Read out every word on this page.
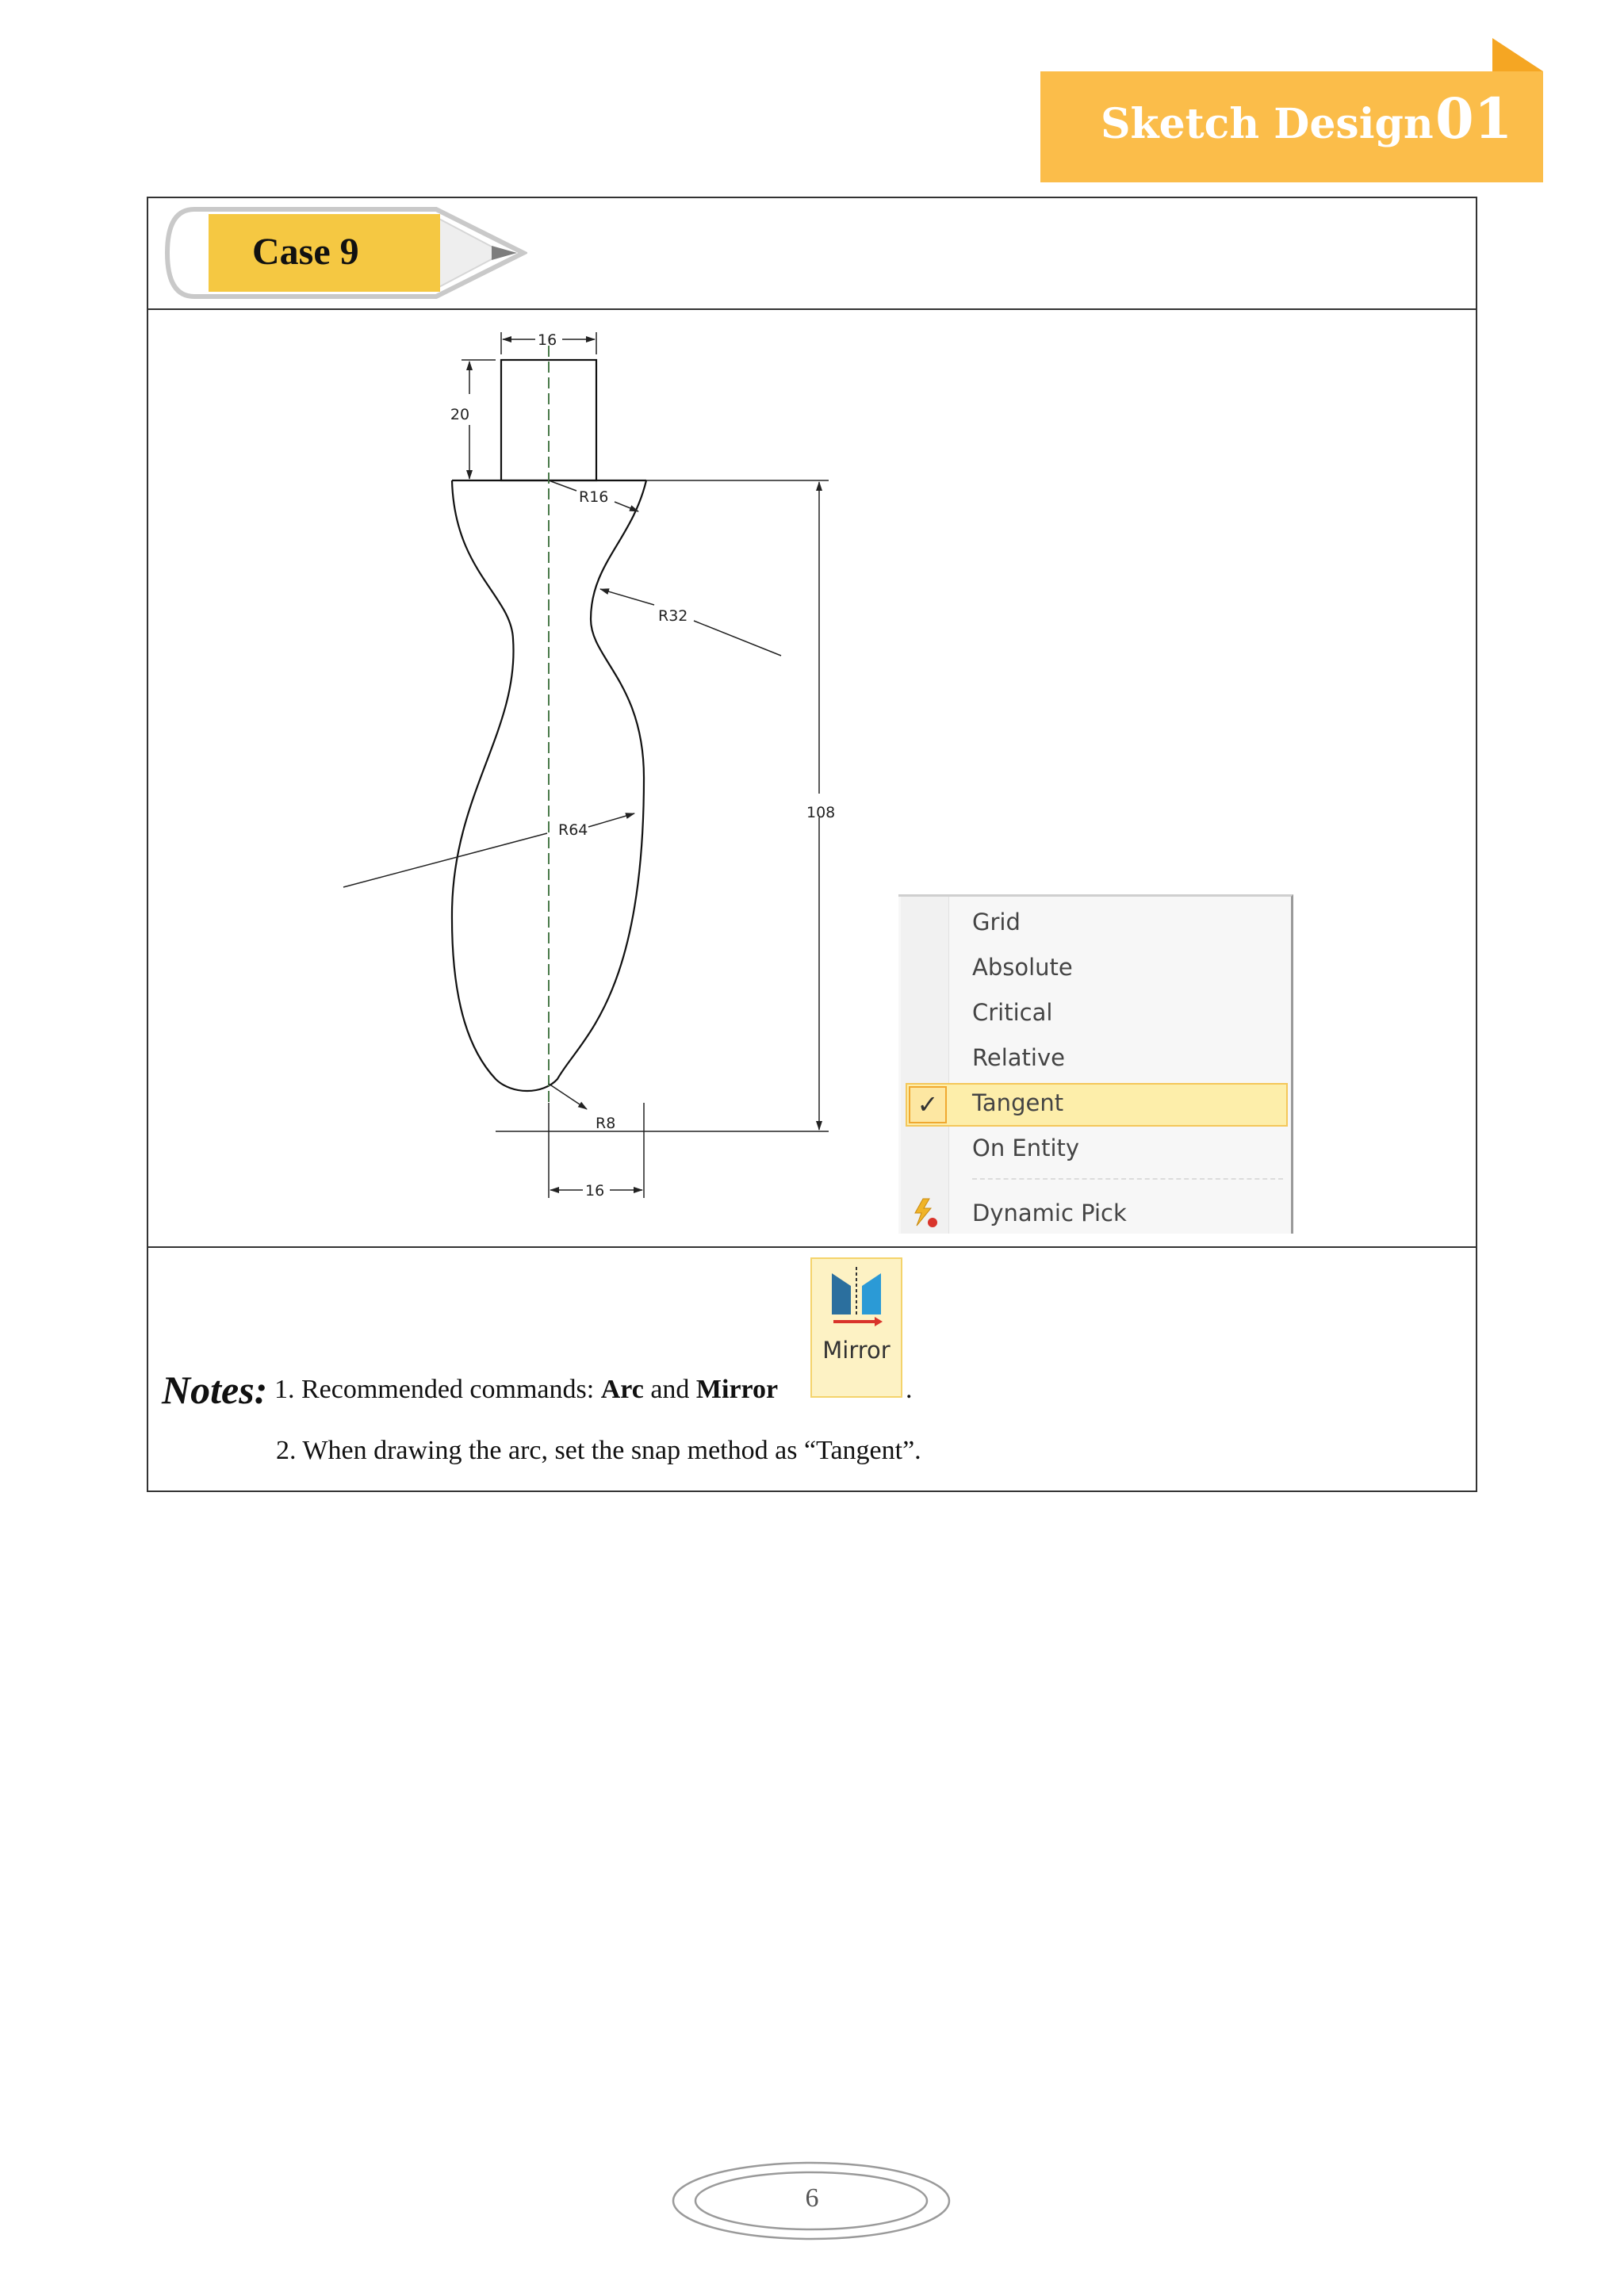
Sketch Design 01
Case 9
16
20
R16
R32
R64
108
R8
16
✓
Grid
Absolute
Critical
Relative
Tangent
On Entity
Dynamic Pick
Mirror
Notes: 1. Recommended commands: Arc and Mirror	.
2. When drawing the arc, set the snap method as “Tangent”.
6
